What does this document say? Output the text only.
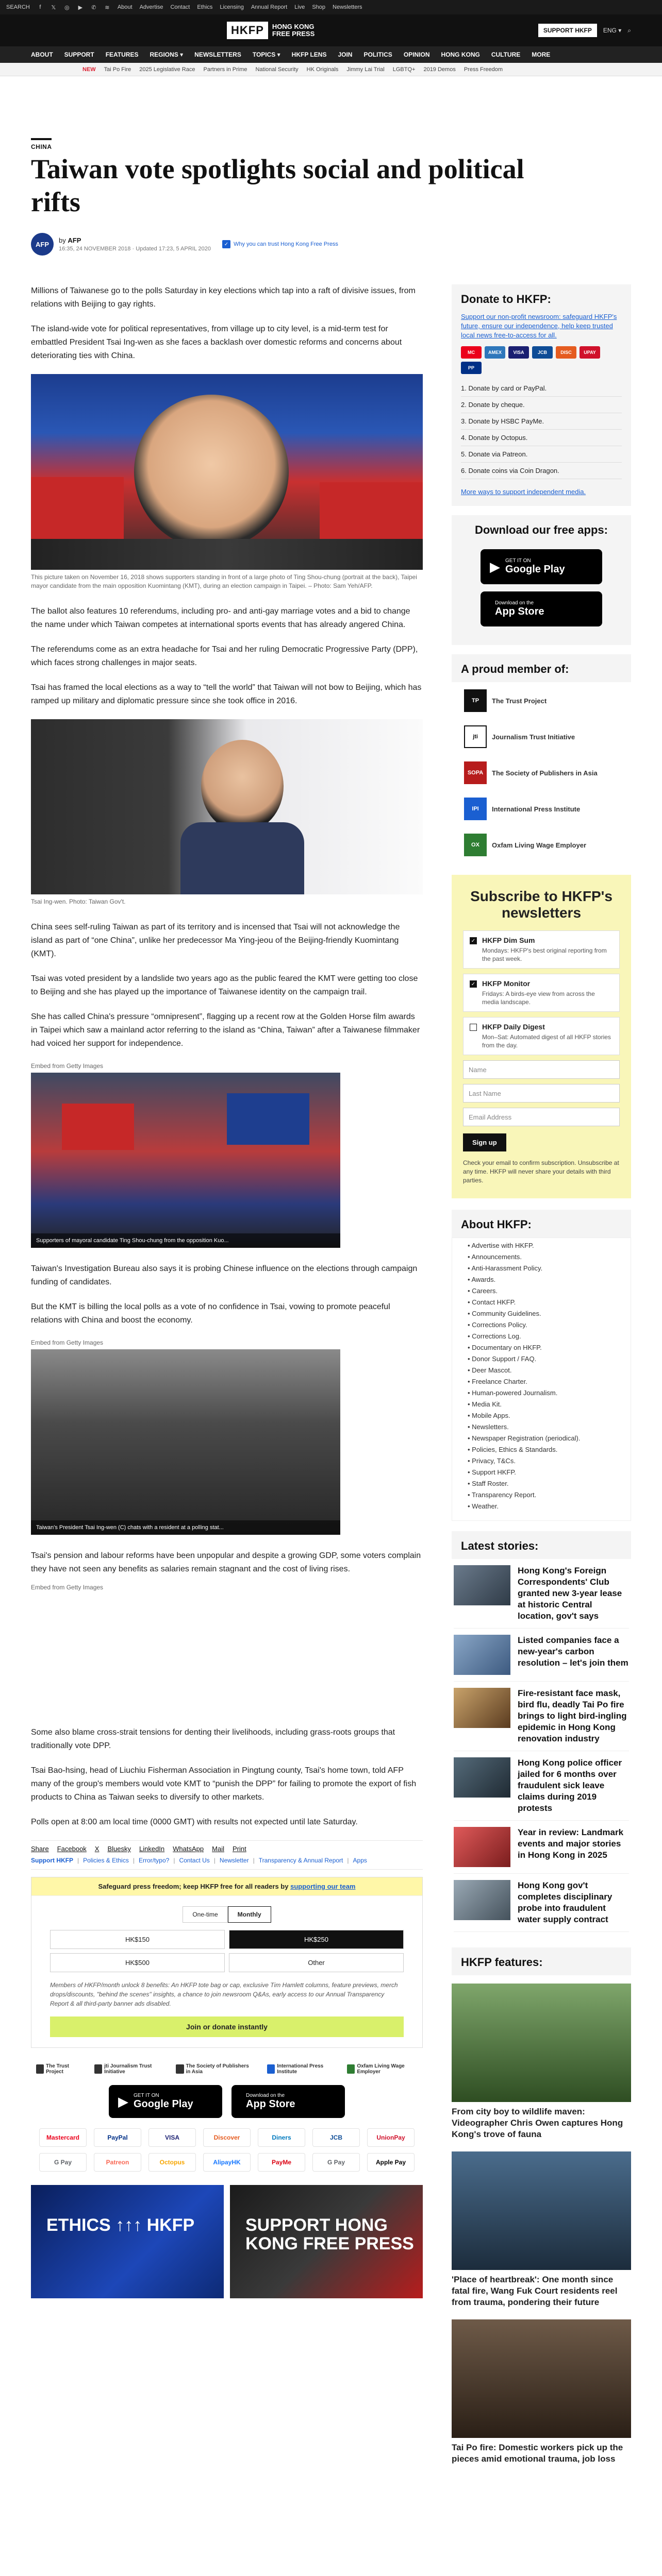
SEARCH	f	𝕏 ◎ ▶ ✆ ≋ About Advertise Contact Ethics Licensing Annual Report Live Shop Newsletters
HKFP	HONG KONG
FREE PRESS	SUPPORT HKFP	ENG ▾ ⌕
ABOUT SUPPORT FEATURES REGIONS ▾ NEWSLETTERS TOPICS ▾ HKFP LENS JOIN POLITICS OPINION HONG KONG CULTURE MORE
NEW Tai Po Fire 2025 Legislative Race Partners in Prime National Security HK Originals Jimmy Lai Trial LGBTQ+ 2019 Demos Press Freedom
CHINA
Taiwan vote spotlights social and political rifts
AFP	by AFP
16:35, 24 NOVEMBER 2018 · Updated 17:23, 5 APRIL 2020
✓ Why you can trust Hong Kong Free Press

Millions of Taiwanese go to the polls Saturday in key elections which tap into a raft of divisive issues, from relations with Beijing to gay rights.

The island-wide vote for political representatives, from village up to city level, is a mid-term test for embattled President Tsai Ing-wen as she faces a backlash over domestic reforms and concerns about deteriorating ties with China.

This picture taken on November 16, 2018 shows supporters standing in front of a large photo of Ting Shou-chung (portrait at the back), Taipei mayor candidate from the main opposition Kuomintang (KMT), during an election campaign in Taipei. – Photo: Sam Yeh/AFP.

The ballot also features 10 referendums, including pro- and anti-gay marriage votes and a bid to change the name under which Taiwan competes at international sports events that has already angered China.

The referendums come as an extra headache for Tsai and her ruling Democratic Progressive Party (DPP), which faces strong challenges in major seats.

Tsai has framed the local elections as a way to “tell the world” that Taiwan will not bow to Beijing, which has ramped up military and diplomatic pressure since she took office in 2016.

Tsai Ing-wen. Photo: Taiwan Gov't.

China sees self-ruling Taiwan as part of its territory and is incensed that Tsai will not acknowledge the island as part of “one China”, unlike her predecessor Ma Ying-jeou of the Beijing-friendly Kuomintang (KMT).

Tsai was voted president by a landslide two years ago as the public feared the KMT were getting too close to Beijing and she has played up the importance of Taiwanese identity on the campaign trail.

She has called China's pressure “omnipresent”, flagging up a recent row at the Golden Horse film awards in Taipei which saw a mainland actor referring to the island as “China, Taiwan” after a Taiwanese filmmaker had voiced her support for independence.

Embed from Getty Images
Supporters of mayoral candidate Ting Shou-chung from the opposition Kuo...

Taiwan's Investigation Bureau also says it is probing Chinese influence on the elections through campaign funding of candidates.

But the KMT is billing the local polls as a vote of no confidence in Tsai, vowing to promote peaceful relations with China and boost the economy.

Embed from Getty Images
Taiwan's President Tsai Ing-wen (C) chats with a resident at a polling stat...

Tsai's pension and labour reforms have been unpopular and despite a growing GDP, some voters complain they have not seen any benefits as salaries remain stagnant and the cost of living rises.

Embed from Getty Images

Some also blame cross-strait tensions for denting their livelihoods, including grass-roots groups that traditionally vote DPP.

Tsai Bao-hsing, head of Liuchiu Fisherman Association in Pingtung county, Tsai's home town, told AFP many of the group's members would vote KMT to “punish the DPP” for failing to promote the export of fish products to China as Taiwan seeks to diversify to other markets.

Polls open at 8:00 am local time (0000 GMT) with results not expected until late Saturday.

Share Facebook X Bluesky LinkedIn WhatsApp Mail Print
Support HKFP | Policies & Ethics | Error/typo? | Contact Us | Newsletter | Transparency & Annual Report | Apps
Safeguard press freedom; keep HKFP free for all readers by supporting our team
One-time	Monthly
HK$150	HK$250
HK$500	Other
Members of HKFP/month unlock 8 benefits: An HKFP tote bag or cap, exclusive Tim Hamlett columns, feature previews, merch drops/discounts, "behind the scenes" insights, a chance to join newsroom Q&As, early access to our Annual Transparency Report & all third-party banner ads disabled.
Join or donate instantly
The Trust Project
jti Journalism Trust Initiative
The Society of Publishers in Asia
International Press Institute
Oxfam Living Wage Employer
▶ GET IT ON
Google Play
Download on the
App Store
Mastercard	PayPal	VISA	Discover	Diners	JCB	UnionPay
G Pay	Patreon	Octopus	AlipayHK	PayMe	G Pay	Apple Pay
ETHICS ↑↑↑ HKFP	SUPPORT HONG KONG FREE PRESS
Donate to HKFP:
Support our non-profit newsroom: safeguard HKFP's future, ensure our independence, help keep trusted local news free-to-access for all.
MC	AMEX	VISA	JCB	DISC	UPAY
PP
1. Donate by card or PayPal.
2. Donate by cheque.
3. Donate by HSBC PayMe.
4. Donate by Octopus.
5. Donate via Patreon.
6. Donate coins via Coin Dragon.
More ways to support independent media.
Download our free apps:
▶ GET IT ON
Google Play
Download on the
App Store
A proud member of:
TP	The Trust Project
jti	Journalism Trust Initiative
SOPA	The Society of Publishers in Asia
IPI	International Press Institute
OX	Oxfam Living Wage Employer
Subscribe to HKFP's newsletters
✓ HKFP Dim Sum
Mondays: HKFP's best original reporting from the past week.
✓ HKFP Monitor
Fridays: A birds-eye view from across the media landscape.
HKFP Daily Digest
Mon–Sat: Automated digest of all HKFP stories from the day.
Name
Last Name
Email Address
Sign up
Check your email to confirm subscription. Unsubscribe at any time. HKFP will never share your details with third parties.
About HKFP:
• Advertise with HKFP.
• Announcements.
• Anti-Harassment Policy.
• Awards.
• Careers.
• Contact HKFP.
• Community Guidelines.
• Corrections Policy.
• Corrections Log.
• Documentary on HKFP.
• Donor Support / FAQ.
• Deer Mascot.
• Freelance Charter.
• Human-powered Journalism.
• Media Kit.
• Mobile Apps.
• Newsletters.
• Newspaper Registration (periodical).
• Policies, Ethics & Standards.
• Privacy, T&Cs.
• Support HKFP.
• Staff Roster.
• Transparency Report.
• Weather.
Latest stories:
Hong Kong's Foreign Correspondents' Club granted new 3-year lease at historic Central location, gov't says
Listed companies face a new-year's carbon resolution – let's join them
Fire-resistant face mask, bird flu, deadly Tai Po fire brings to light bird-ingling epidemic in Hong Kong renovation industry
Hong Kong police officer jailed for 6 months over fraudulent sick leave claims during 2019 protests
Year in review: Landmark events and major stories in Hong Kong in 2025
Hong Kong gov't completes disciplinary probe into fraudulent water supply contract
HKFP features:
From city boy to wildlife maven: Videographer Chris Owen captures Hong Kong's trove of fauna
'Place of heartbreak': One month since fatal fire, Wang Fuk Court residents reel from trauma, pondering their future
Tai Po fire: Domestic workers pick up the pieces amid emotional trauma, job loss
